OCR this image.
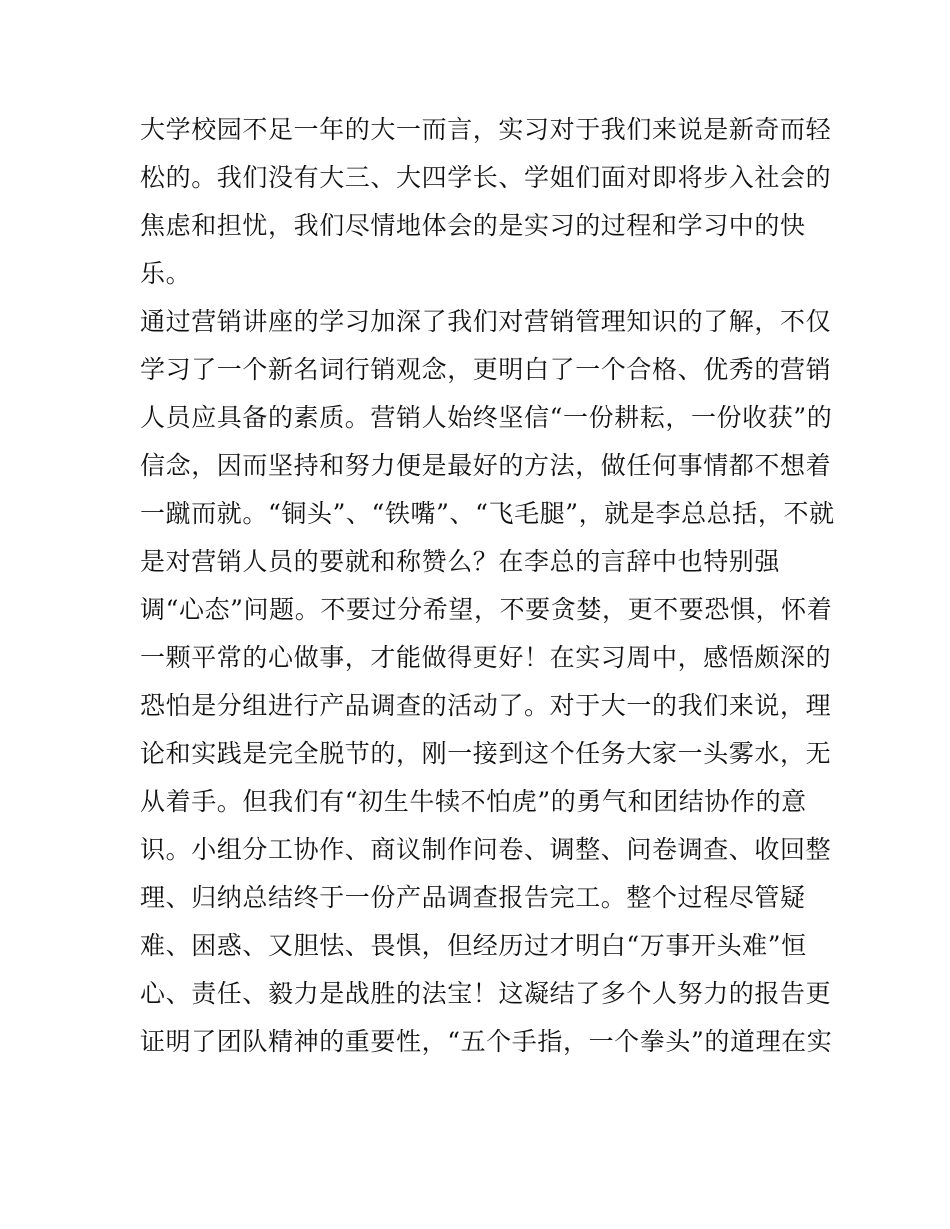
大学校园不足一年的大一而言，实习对于我们来说是新奇而轻
松的。我们没有大三、大四学长、学姐们面对即将步入社会的
焦虑和担忧，我们尽情地体会的是实习的过程和学习中的快
乐。
通过营销讲座的学习加深了我们对营销管理知识的了解，不仅
学习了一个新名词行销观念，更明白了一个合格、优秀的营销
人员应具备的素质。营销人始终坚信“一份耕耘，一份收获”的
信念，因而坚持和努力便是最好的方法，做任何事情都不想着
一蹴而就。“铜头”、“铁嘴”、“飞毛腿”，就是李总总括，不就
是对营销人员的要就和称赞么？在李总的言辞中也特别强
调“心态”问题。不要过分希望，不要贪婪，更不要恐惧，怀着
一颗平常的心做事，才能做得更好！在实习周中，感悟颇深的
恐怕是分组进行产品调查的活动了。对于大一的我们来说，理
论和实践是完全脱节的，刚一接到这个任务大家一头雾水，无
从着手。但我们有“初生牛犊不怕虎”的勇气和团结协作的意
识。小组分工协作、商议制作问卷、调整、问卷调查、收回整
理、归纳总结终于一份产品调查报告完工。整个过程尽管疑
难、困惑、又胆怯、畏惧，但经历过才明白“万事开头难”恒
心、责任、毅力是战胜的法宝！这凝结了多个人努力的报告更
证明了团队精神的重要性，“五个手指，一个拳头”的道理在实
